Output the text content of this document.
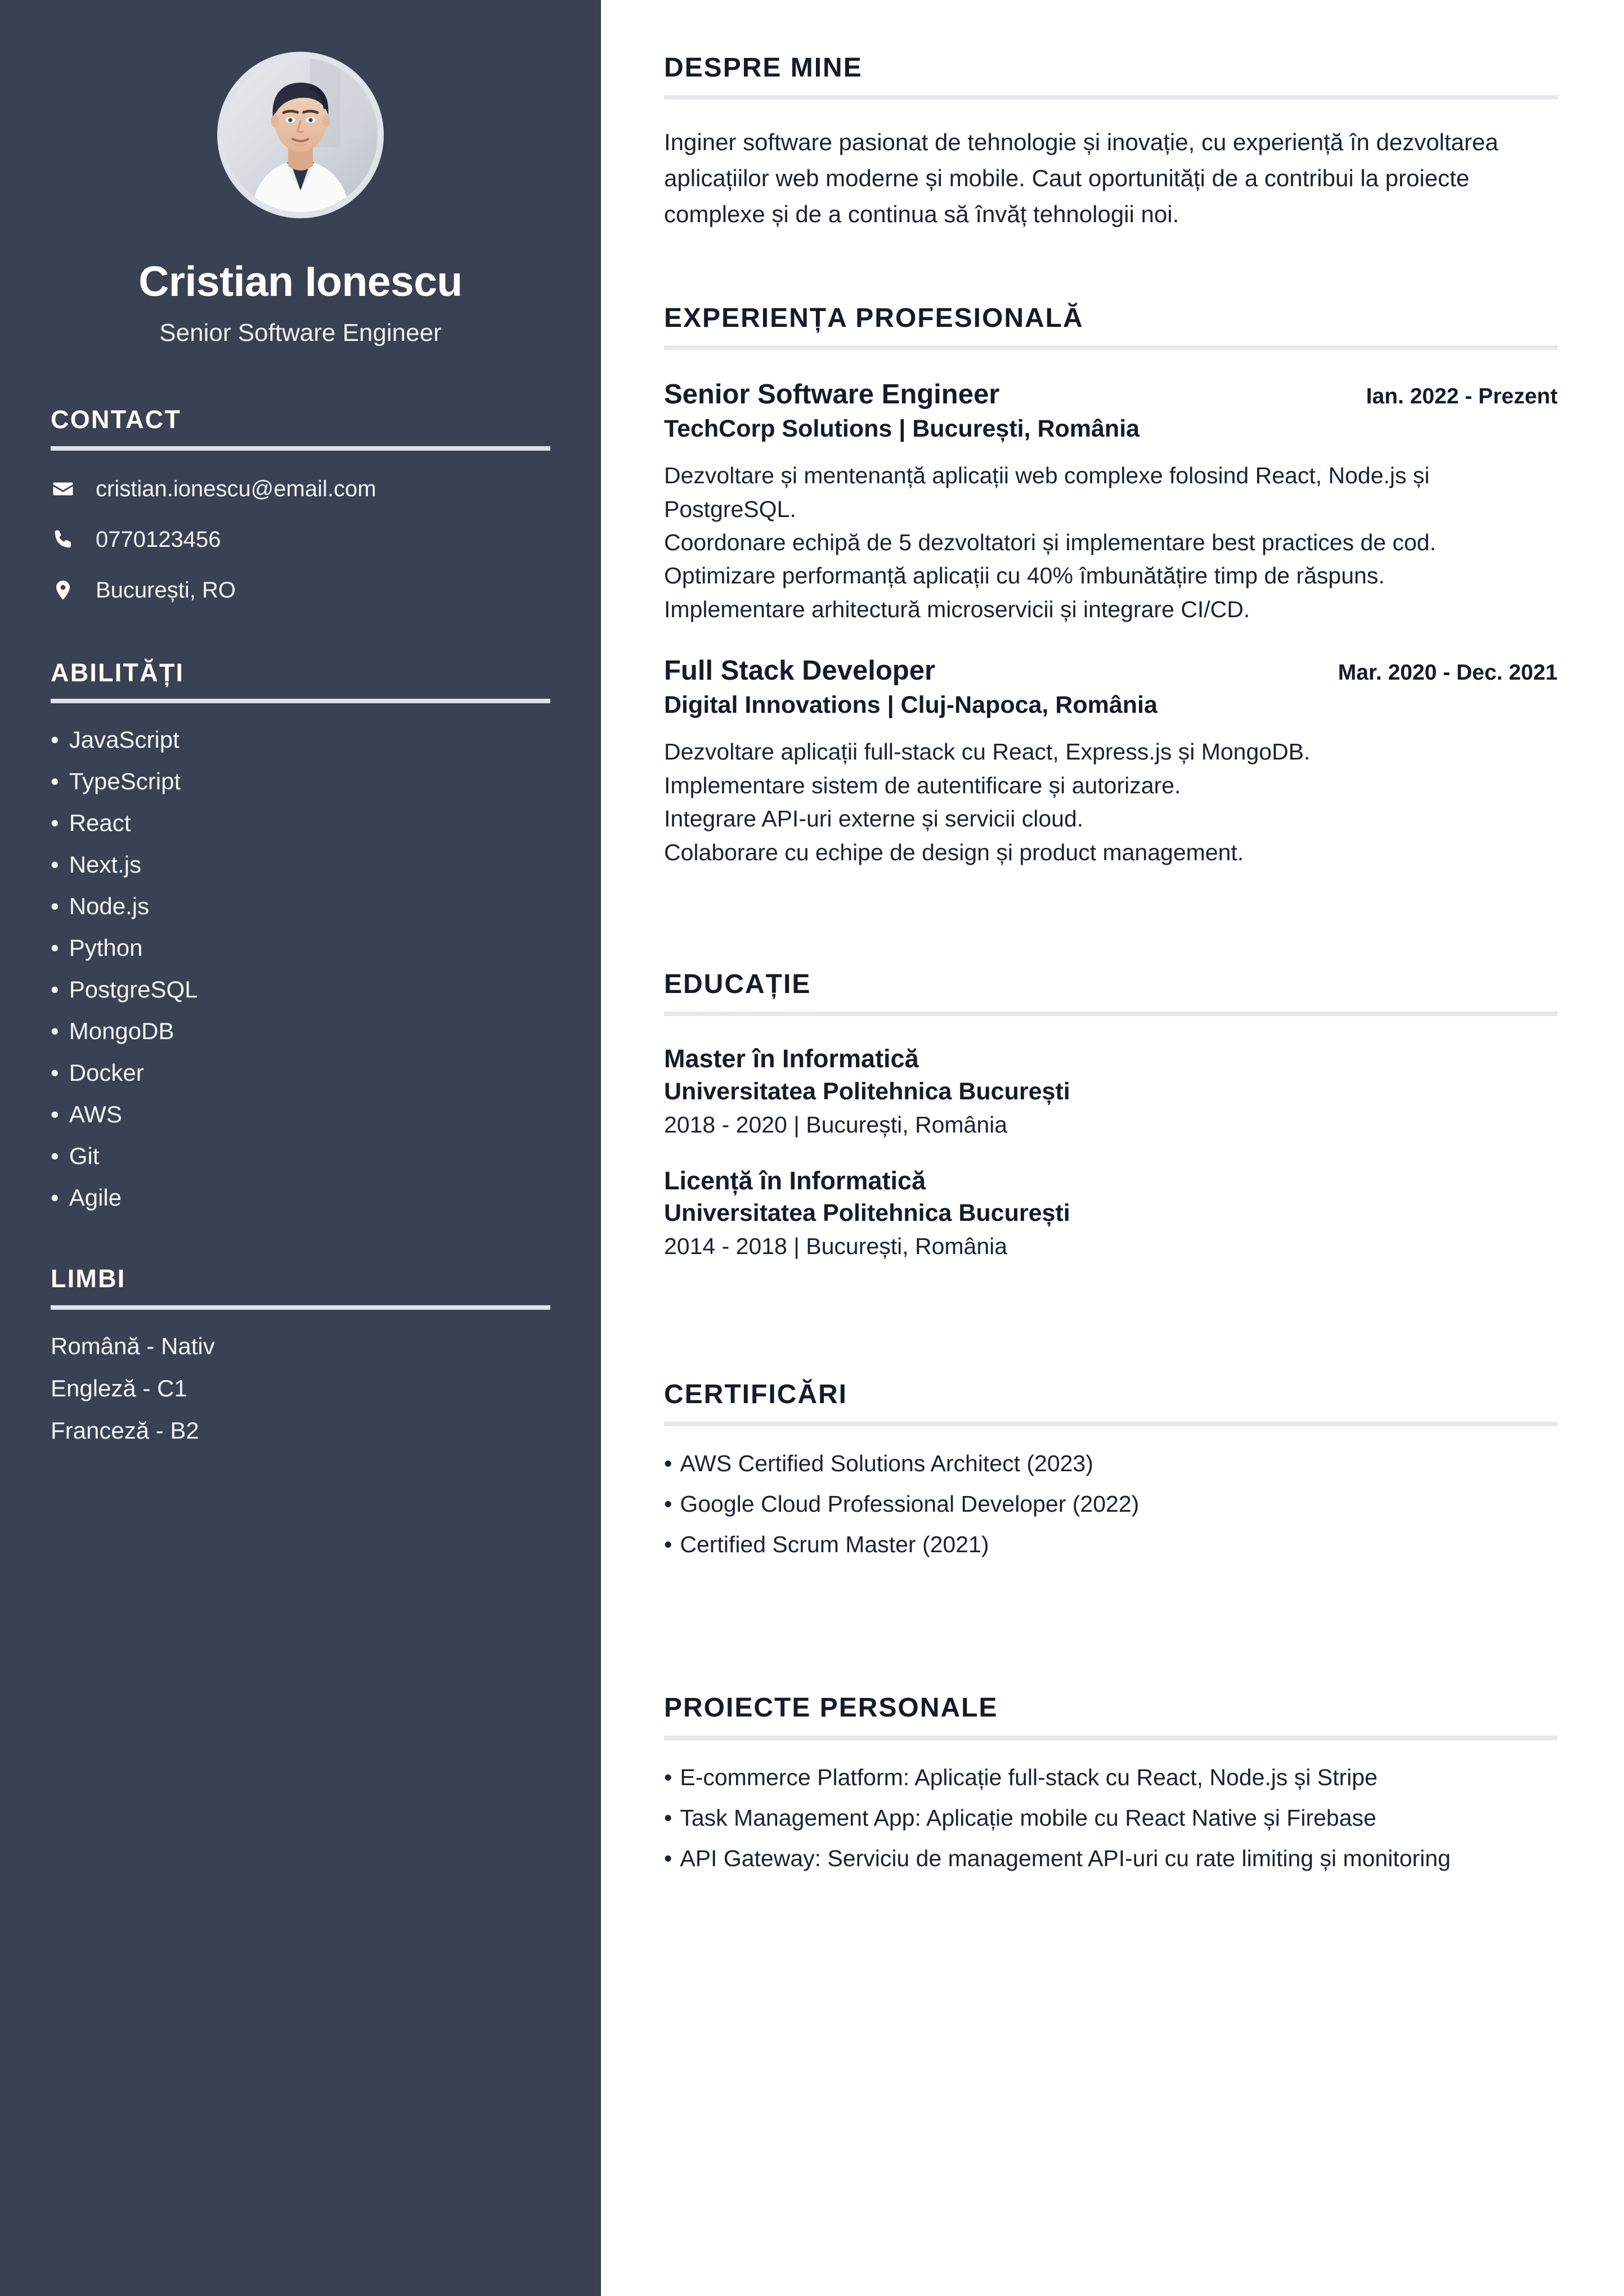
Cristian Ionescu
Senior Software Engineer
CONTACT
cristian.ionescu@email.com
0770123456
București, RO
ABILITĂȚI
• JavaScript
• TypeScript
• React
• Next.js
• Node.js
• Python
• PostgreSQL
• MongoDB
• Docker
• AWS
• Git
• Agile
LIMBI
Română - Nativ
Engleză - C1
Franceză - B2
DESPRE MINE

Inginer software pasionat de tehnologie și inovație, cu experiență în dezvoltarea aplicațiilor web moderne și mobile. Caut oportunități de a contribui la proiecte complexe și de a continua să învăț tehnologii noi.

EXPERIENȚA PROFESIONALĂ
Senior Software Engineer	Ian. 2022 - Prezent
TechCorp Solutions | București, România
Dezvoltare și mentenanță aplicații web complexe folosind React, Node.js și PostgreSQL.
Coordonare echipă de 5 dezvoltatori și implementare best practices de cod.
Optimizare performanță aplicații cu 40% îmbunătățire timp de răspuns.
Implementare arhitectură microservicii și integrare CI/CD.
Full Stack Developer	Mar. 2020 - Dec. 2021
Digital Innovations | Cluj-Napoca, România
Dezvoltare aplicații full-stack cu React, Express.js și MongoDB.
Implementare sistem de autentificare și autorizare.
Integrare API-uri externe și servicii cloud.
Colaborare cu echipe de design și product management.
EDUCAȚIE
Master în Informatică
Universitatea Politehnica București
2018 - 2020 | București, România
Licență în Informatică
Universitatea Politehnica București
2014 - 2018 | București, România
CERTIFICĂRI
• AWS Certified Solutions Architect (2023)
• Google Cloud Professional Developer (2022)
• Certified Scrum Master (2021)
PROIECTE PERSONALE
• E-commerce Platform: Aplicație full-stack cu React, Node.js și Stripe
• Task Management App: Aplicație mobile cu React Native și Firebase
• API Gateway: Serviciu de management API-uri cu rate limiting și monitoring
